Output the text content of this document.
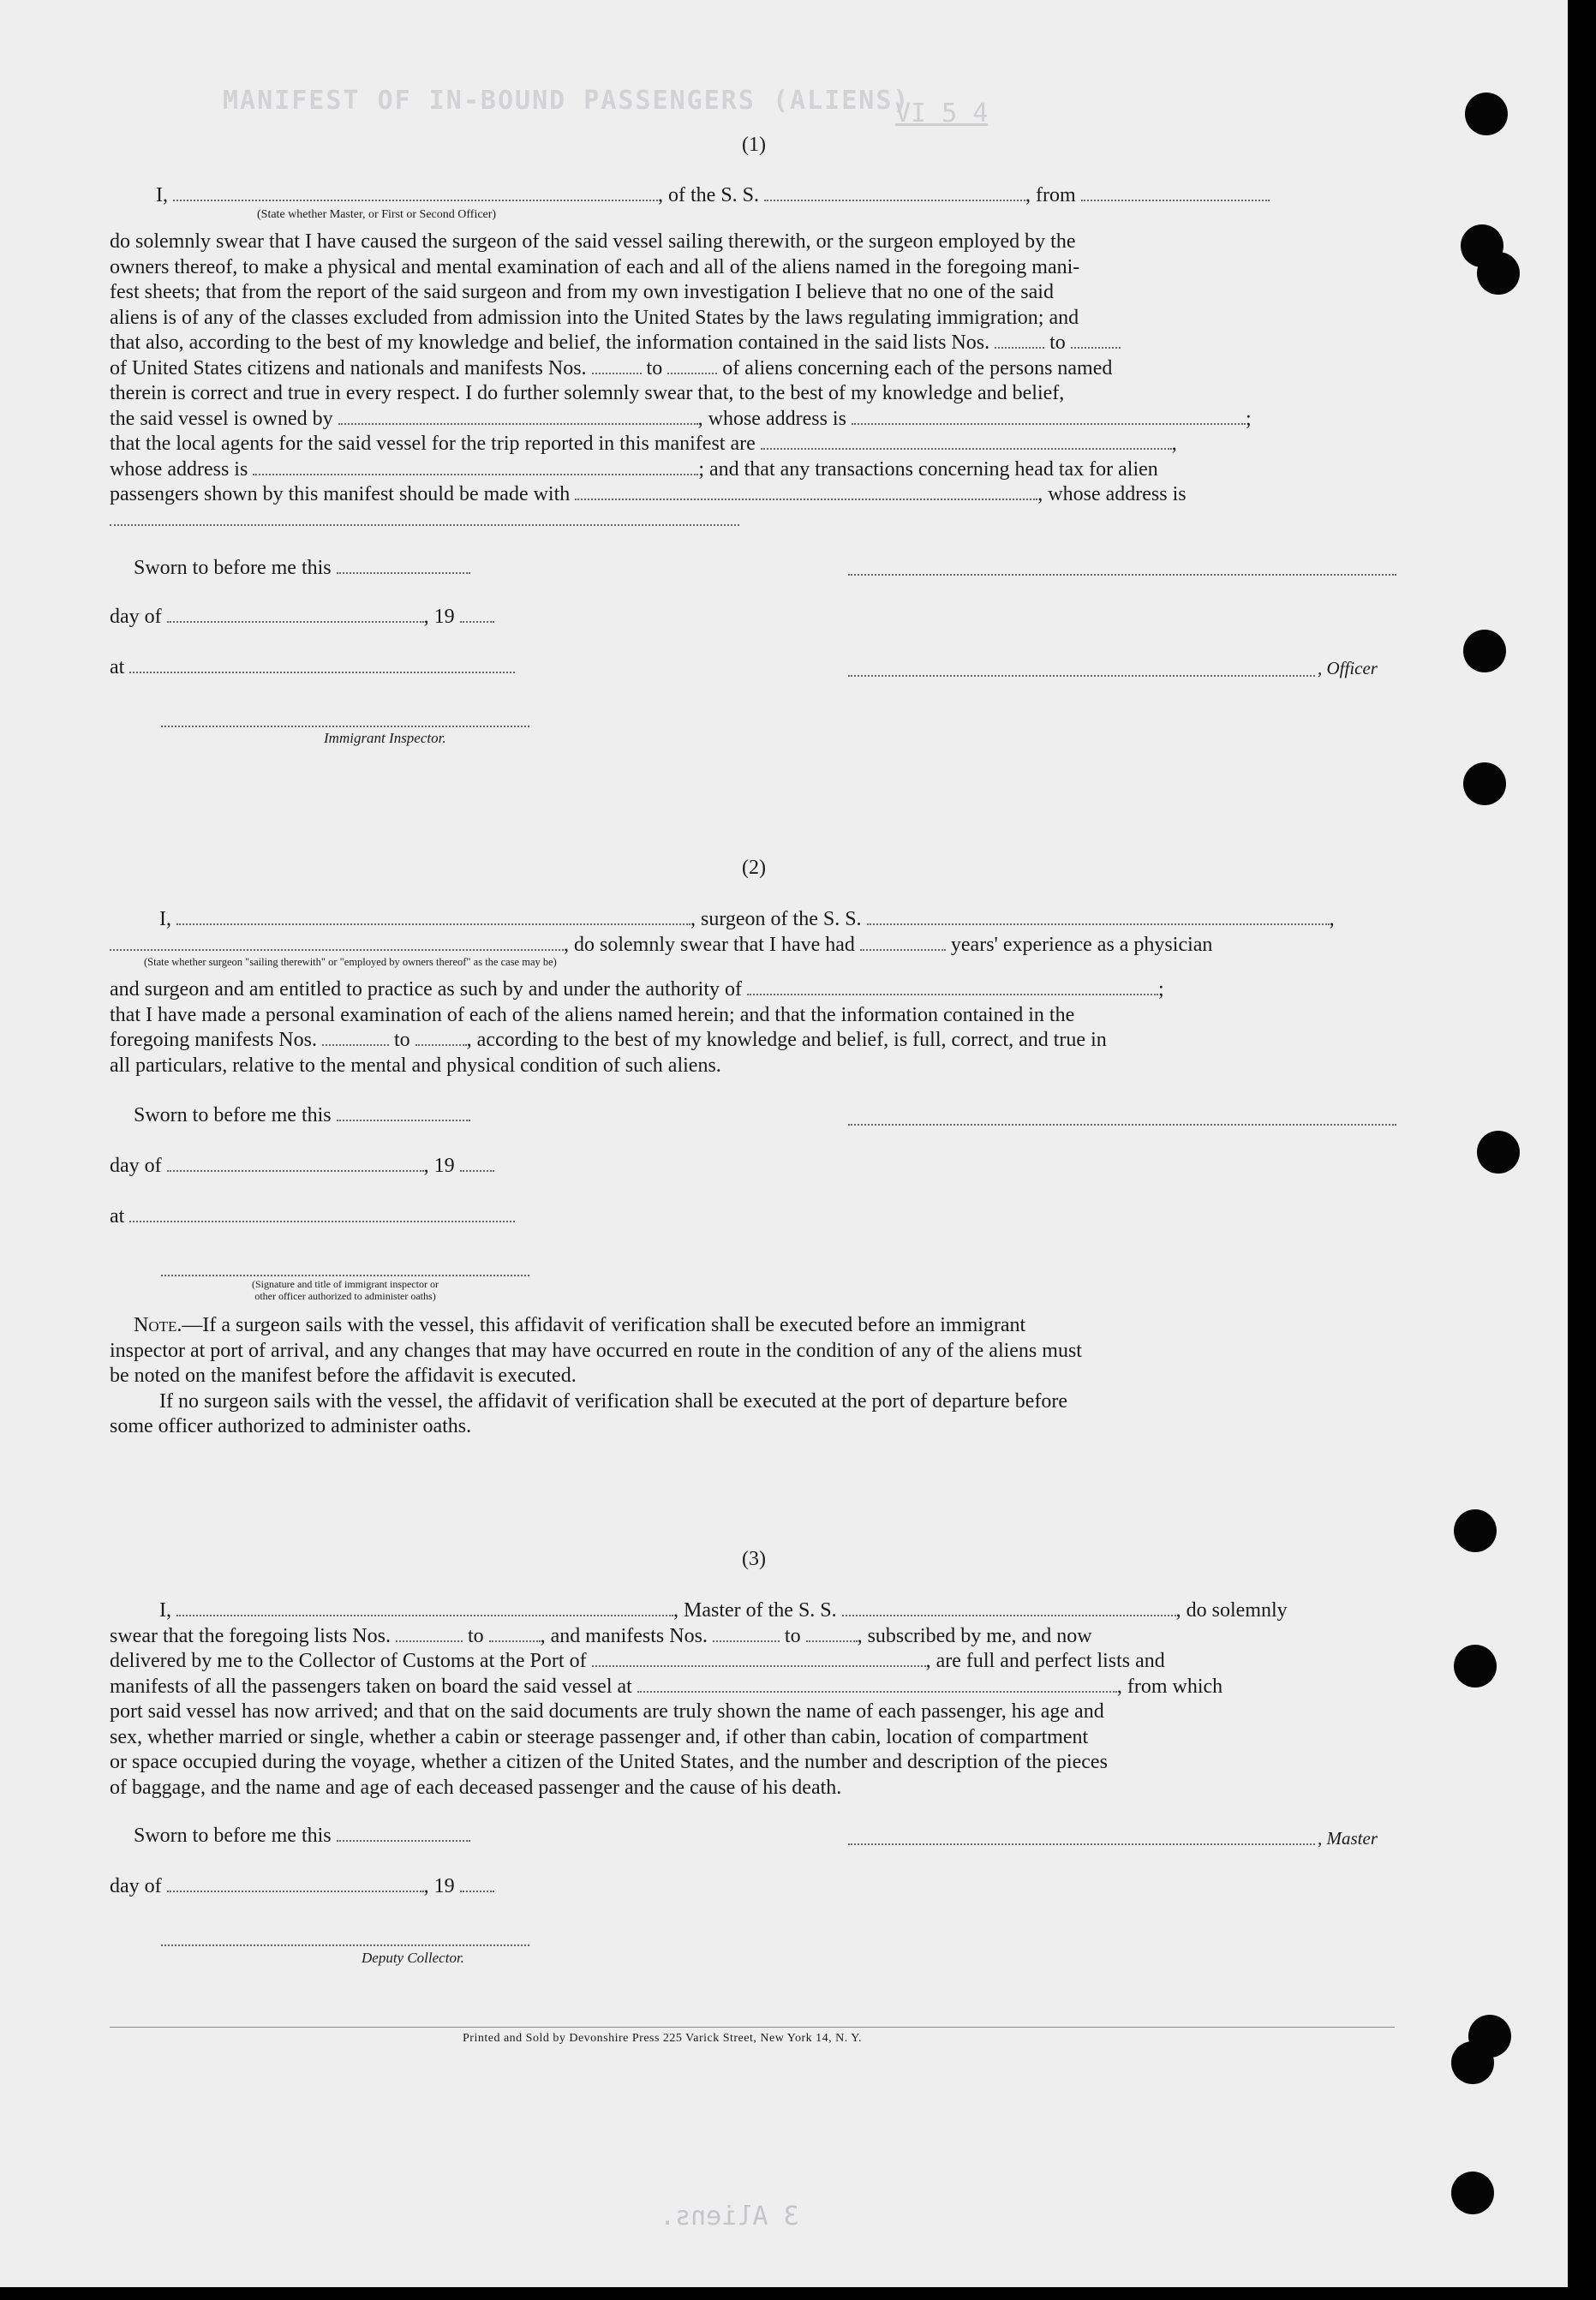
MANIFEST OF IN-BOUND PASSENGERS (ALIENS)
VI 5 4
(1)
I,	, of the S. S.	, from
(State whether Master, or First or Second Officer)
do solemnly swear that I have caused the surgeon of the said vessel sailing therewith, or the surgeon employed by the
owners thereof, to make a physical and mental examination of each and all of the aliens named in the foregoing mani-
fest sheets; that from the report of the said surgeon and from my own investigation I believe that no one of the said
aliens is of any of the classes excluded from admission into the United States by the laws regulating immigration; and
that also, according to the best of my knowledge and belief, the information contained in the said lists Nos.	to
of United States citizens and nationals and manifests Nos.	to	of aliens concerning each of the persons named
therein is correct and true in every respect. I do further solemnly swear that, to the best of my knowledge and belief,
the said vessel is owned by	, whose address is	;
that the local agents for the said vessel for the trip reported in this manifest are	,
whose address is	; and that any transactions concerning head tax for alien
passengers shown by this manifest should be made with	, whose address is
Sworn to before me this
day of	, 19
at	, Officer
Immigrant Inspector.
(2)
I,	, surgeon of the S. S.	,
, do solemnly swear that I have had	years' experience as a physician
(State whether surgeon "sailing therewith" or "employed by owners thereof" as the case may be)
and surgeon and am entitled to practice as such by and under the authority of	;
that I have made a personal examination of each of the aliens named herein; and that the information contained in the
foregoing manifests Nos.	to	, according to the best of my knowledge and belief, is full, correct, and true in
all particulars, relative to the mental and physical condition of such aliens.
Sworn to before me this
day of	, 19
at
(Signature and title of immigrant inspector or
other officer authorized to administer oaths)
Note.—If a surgeon sails with the vessel, this affidavit of verification shall be executed before an immigrant
inspector at port of arrival, and any changes that may have occurred en route in the condition of any of the aliens must
be noted on the manifest before the affidavit is executed.
If no surgeon sails with the vessel, the affidavit of verification shall be executed at the port of departure before
some officer authorized to administer oaths.
(3)
I,	, Master of the S. S.	, do solemnly
swear that the foregoing lists Nos.	to	, and manifests Nos.	to	, subscribed by me, and now
delivered by me to the Collector of Customs at the Port of	, are full and perfect lists and
manifests of all the passengers taken on board the said vessel at	, from which
port said vessel has now arrived; and that on the said documents are truly shown the name of each passenger, his age and
sex, whether married or single, whether a cabin or steerage passenger and, if other than cabin, location of compartment
or space occupied during the voyage, whether a citizen of the United States, and the number and description of the pieces
of baggage, and the name and age of each deceased passenger and the cause of his death.
Sworn to before me this	, Master
day of	, 19
Deputy Collector.
Printed and Sold by Devonshire Press 225 Varick Street, New York 14, N. Y.
3 Aliens.
